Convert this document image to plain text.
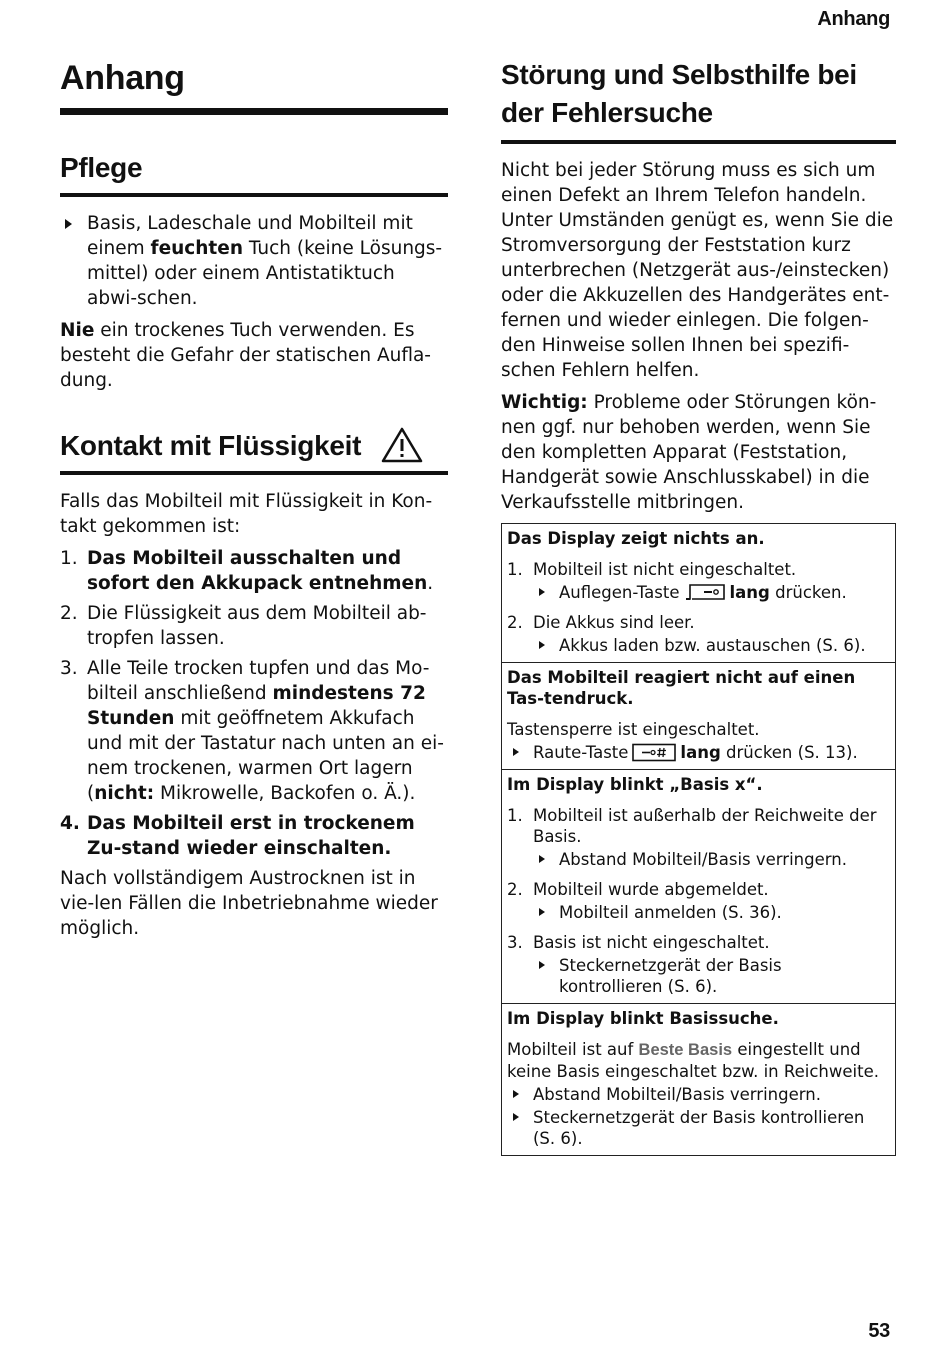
Anhang
Anhang
Pflege
Basis, Ladeschale und Mobilteil mit einem feuchten Tuch (keine Lösungs-mittel) oder einem Antistatiktuch abwi-schen.

Nie ein trockenes Tuch verwenden. Es besteht die Gefahr der statischen Aufla-dung.

Kontakt mit Flüssigkeit

Falls das Mobilteil mit Flüssigkeit in Kon-takt gekommen ist:

1. Das Mobilteil ausschalten und sofort den Akkupack entnehmen.
2. Die Flüssigkeit aus dem Mobilteil ab-tropfen lassen.
3. Alle Teile trocken tupfen und das Mo-bilteil anschließend mindestens 72 Stunden mit geöffnetem Akkufach und mit der Tastatur nach unten an ei-nem trockenen, warmen Ort lagern (nicht: Mikrowelle, Backofen o. Ä.).
4. Das Mobilteil erst in trockenem Zu-stand wieder einschalten.

Nach vollständigem Austrocknen ist in vie-len Fällen die Inbetriebnahme wieder möglich.

Störung und Selbsthilfe bei der Fehlersuche

Nicht bei jeder Störung muss es sich um einen Defekt an Ihrem Telefon handeln. Unter Umständen genügt es, wenn Sie die Stromversorgung der Feststation kurz unterbrechen (Netzgerät aus-/einstecken) oder die Akkuzellen des Handgerätes ent-fernen und wieder einlegen. Die folgen-den Hinweise sollen Ihnen bei spezifi-schen Fehlern helfen.

Wichtig: Probleme oder Störungen kön-nen ggf. nur behoben werden, wenn Sie den kompletten Apparat (Feststation, Handgerät sowie Anschlusskabel) in die Verkaufsstelle mitbringen.

Das Display zeigt nichts an.
1. Mobilteil ist nicht eingeschaltet.
Auflegen-Taste	lang drücken.
2. Die Akkus sind leer.
Akkus laden bzw. austauschen (S. 6).
Das Mobilteil reagiert nicht auf einen Tas-tendruck.
Tastensperre ist eingeschaltet.
Raute-Taste	lang drücken (S. 13).
Im Display blinkt „Basis x“.
1. Mobilteil ist außerhalb der Reichweite der Basis.
Abstand Mobilteil/Basis verringern.
2. Mobilteil wurde abgemeldet.
Mobilteil anmelden (S. 36).
3. Basis ist nicht eingeschaltet.
Steckernetzgerät der Basis kontrollieren (S. 6).
Im Display blinkt Basissuche.
Mobilteil ist auf Beste Basis eingestellt und keine Basis eingeschaltet bzw. in Reichweite.
Abstand Mobilteil/Basis verringern.
Steckernetzgerät der Basis kontrollieren (S. 6).
53
